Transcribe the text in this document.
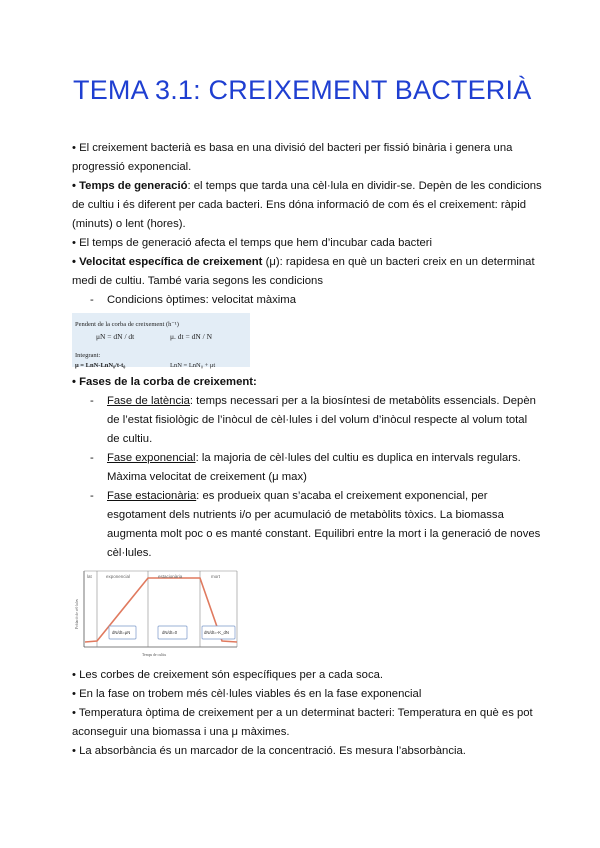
TEMA 3.1: CREIXEMENT BACTERIÀ

• El creixement bacterià es basa en una divisió del bacteri per fissió binària i genera una progressió exponencial.

• Temps de generació: el temps que tarda una cèl·lula en dividir-se. Depèn de les condicions de cultiu i és diferent per cada bacteri. Ens dóna informació de com és el creixement: ràpid (minuts) o lent (hores).

• El temps de generació afecta el temps que hem d’incubar cada bacteri

• Velocitat específica de creixement (μ): rapidesa en què un bacteri creix en un determinat medi de cultiu. També varia segons les condicions

- Condicions òptimes: velocitat màxima

Pendent de la corba de creixement (h⁻¹)
μN = dN / dt	μ. dt = dN / N
Integrant:
μ = LnN-LnN₀/t-t₀	LnN = LnN₀ + μt

• Fases de la corba de creixement:

- Fase de latència: temps necessari per a la biosíntesi de metabòlits essencials. Depèn de l’estat fisiològic de l’inòcul de cèl·lules i del volum d’inòcul respecte al volum total de cultiu.

- Fase exponencial: la majoria de cèl·lules del cultiu es duplica en intervals regulars. Màxima velocitat de creixement (μ max)

- Fase estacionària: es produeix quan s’acaba el creixement exponencial, per esgotament dels nutrients i/o per acumulació de metabòlits tòxics. La biomassa augmenta molt poc o es manté constant. Equilibri entre la mort i la generació de noves cèl·lules.

lat	exponencial	estacionària	mort
dN/dt=μN	dN/dt=0	dN/dt=-K_dN
Població de cèl·lules
Temps de cultiu

• Les corbes de creixement són específiques per a cada soca.

• En la fase on trobem més cèl·lules viables és en la fase exponencial

• Temperatura òptima de creixement per a un determinat bacteri: Temperatura en què es pot aconseguir una biomassa i una μ màximes.

• La absorbància és un marcador de la concentració. Es mesura l’absorbància.
